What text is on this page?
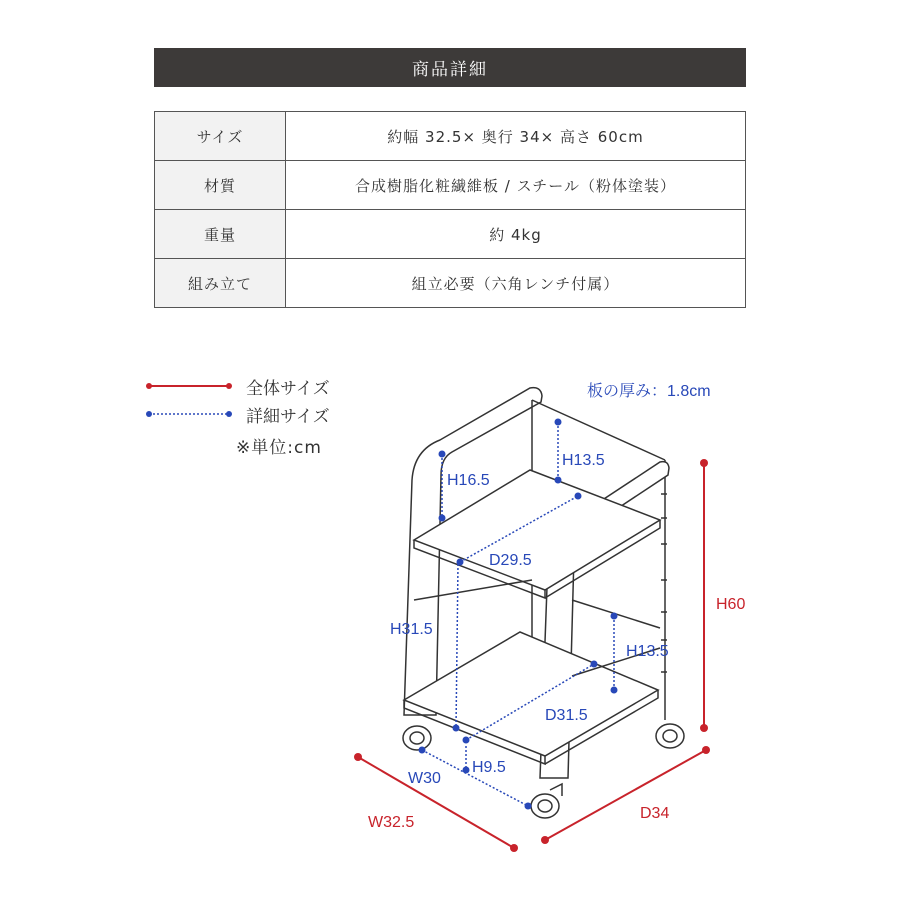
商品詳細
サイズ	約幅 32.5× 奥行 34× 高さ 60cm
材質	合成樹脂化粧繊維板 / スチール（粉体塗装）
重量	約 4kg
組み立て	組立必要（六角レンチ付属）
全体サイズ
詳細サイズ
※単位:cm
板の厚み：1.8cm
H16.5
H13.5
D29.5
H31.5
H13.5
D31.5
W30
H9.5
W32.5
D34
H60
